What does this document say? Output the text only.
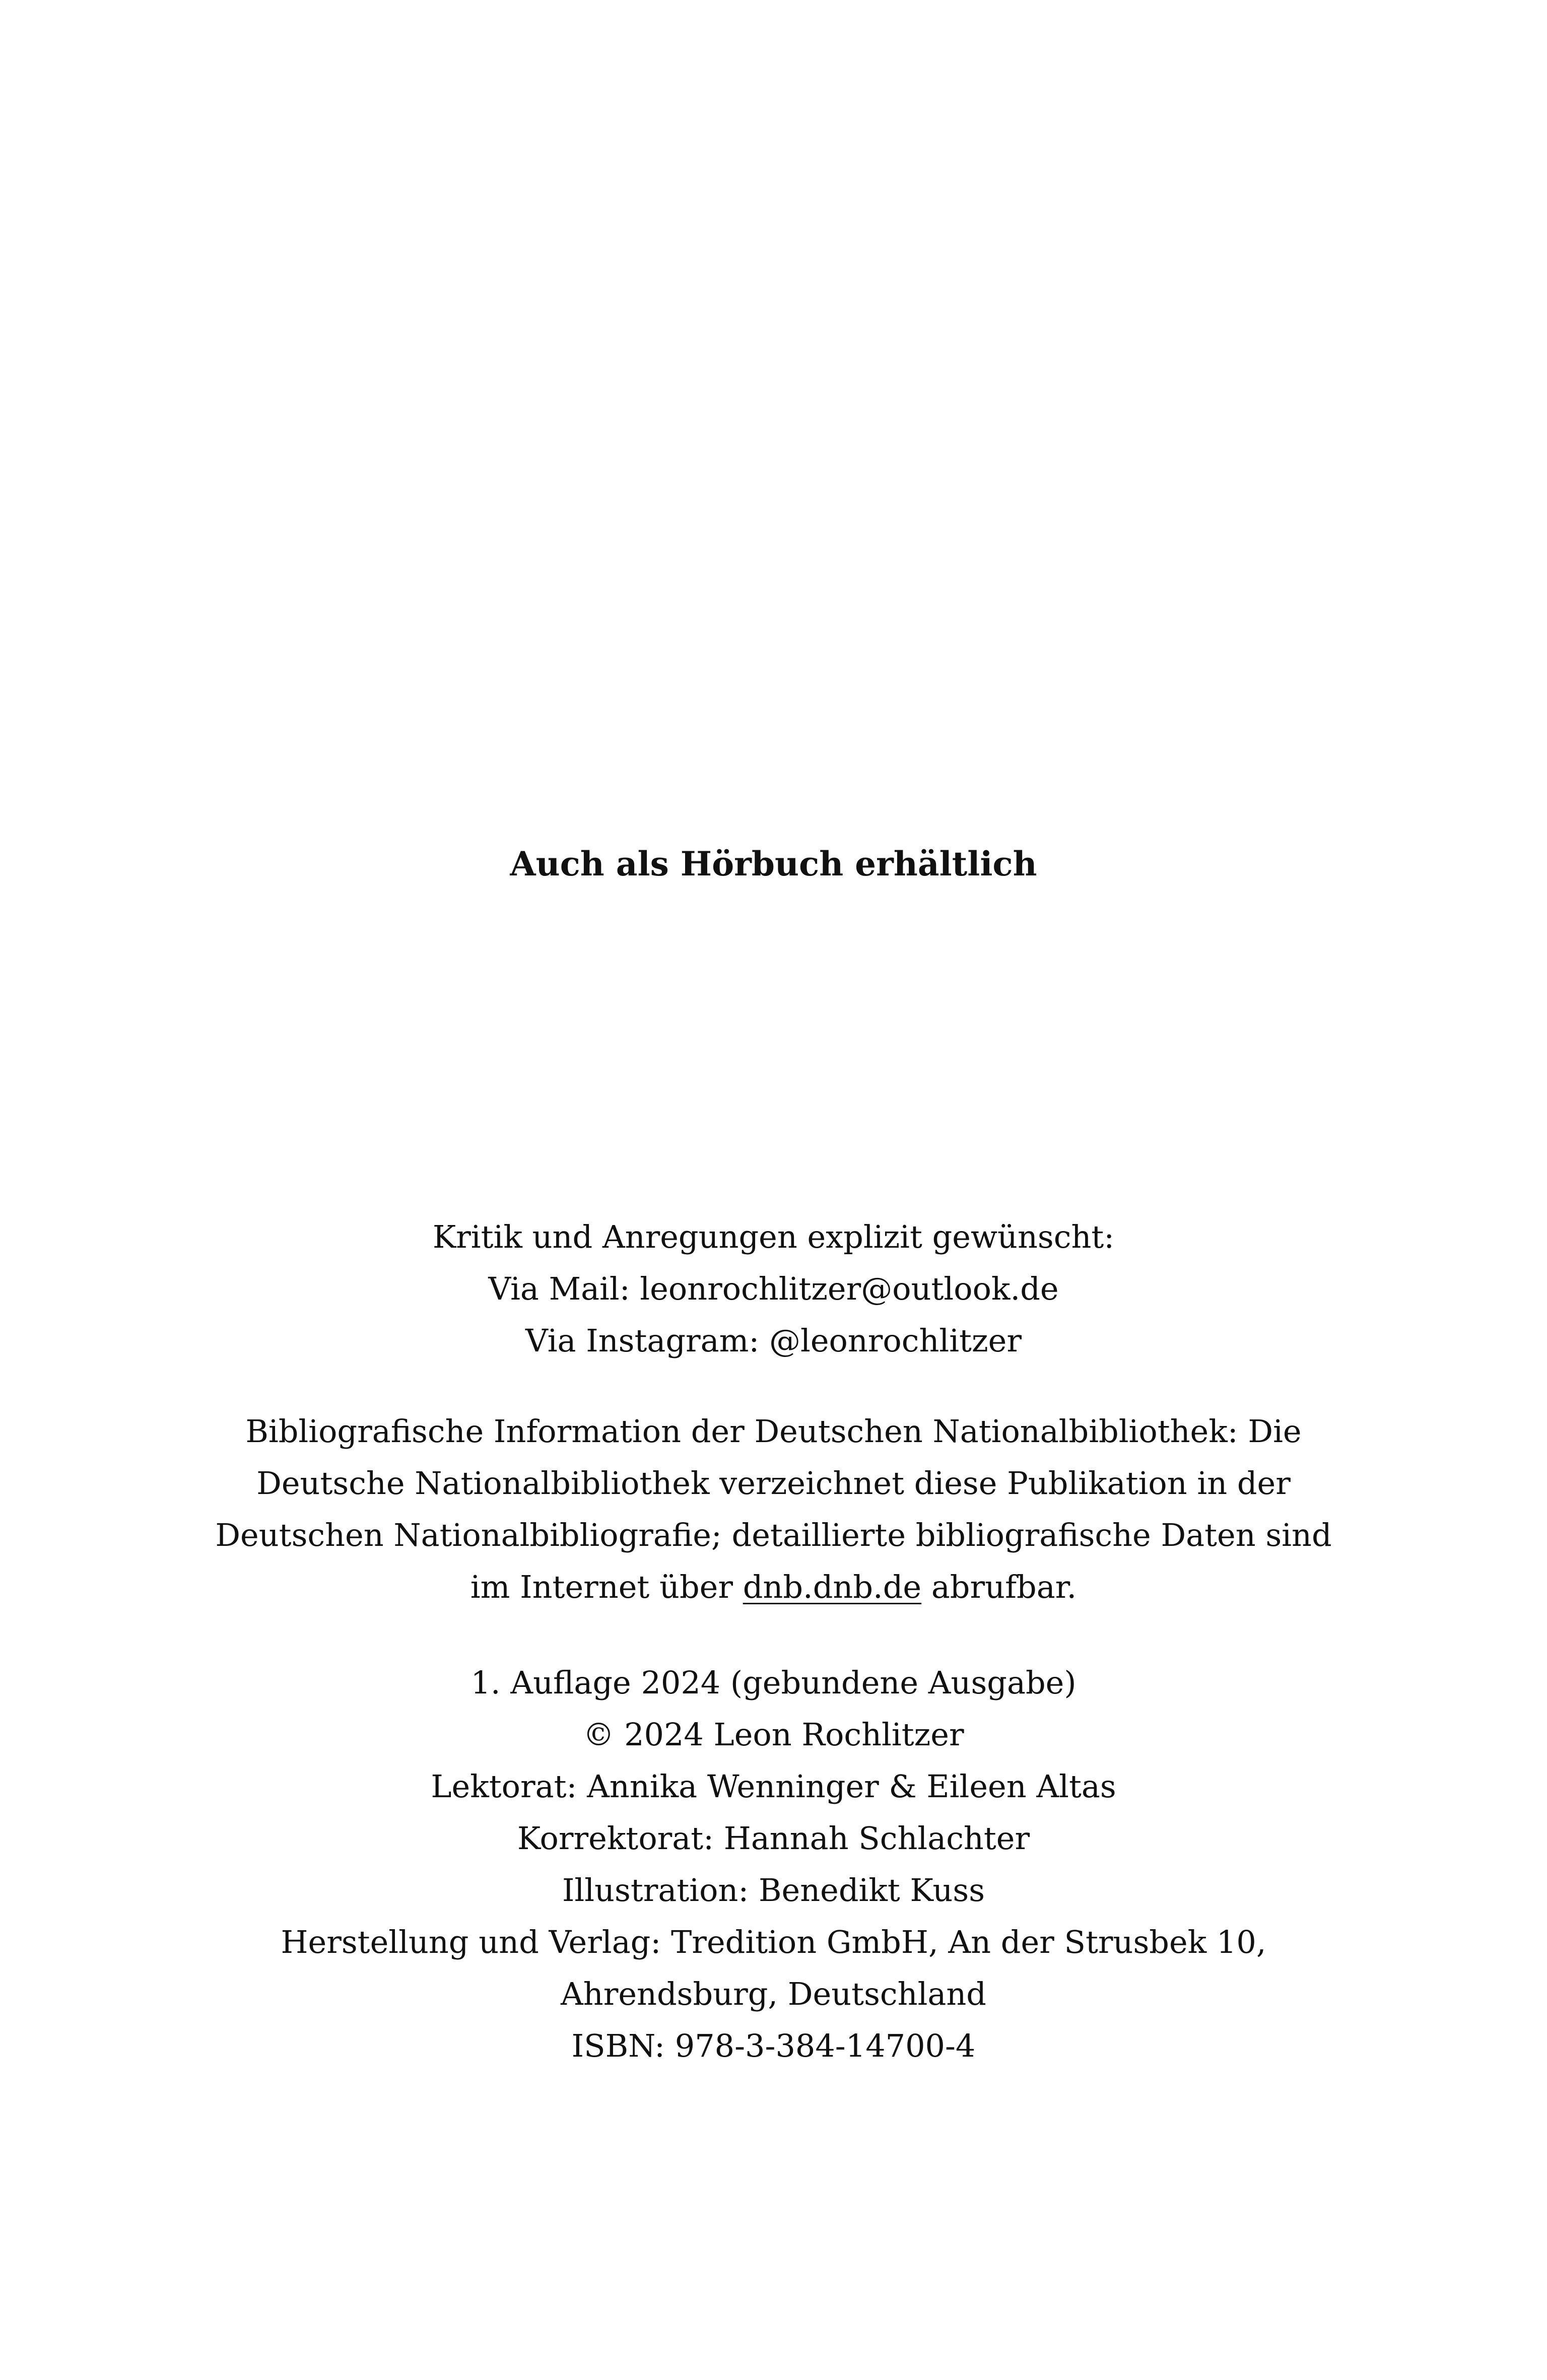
Auch als Hörbuch erhältlich
Kritik und Anregungen explizit gewünscht:
Via Mail: leonrochlitzer@outlook.de
Via Instagram: @leonrochlitzer
Bibliografische Information der Deutschen Nationalbibliothek: Die
Deutsche Nationalbibliothek verzeichnet diese Publikation in der
Deutschen Nationalbibliografie; detaillierte bibliografische Daten sind
im Internet über dnb.dnb.de abrufbar.
1. Auflage 2024 (gebundene Ausgabe)
© 2024 Leon Rochlitzer
Lektorat: Annika Wenninger & Eileen Altas
Korrektorat: Hannah Schlachter
Illustration: Benedikt Kuss
Herstellung und Verlag: Tredition GmbH, An der Strusbek 10,
Ahrendsburg, Deutschland
ISBN: 978-3-384-14700-4
